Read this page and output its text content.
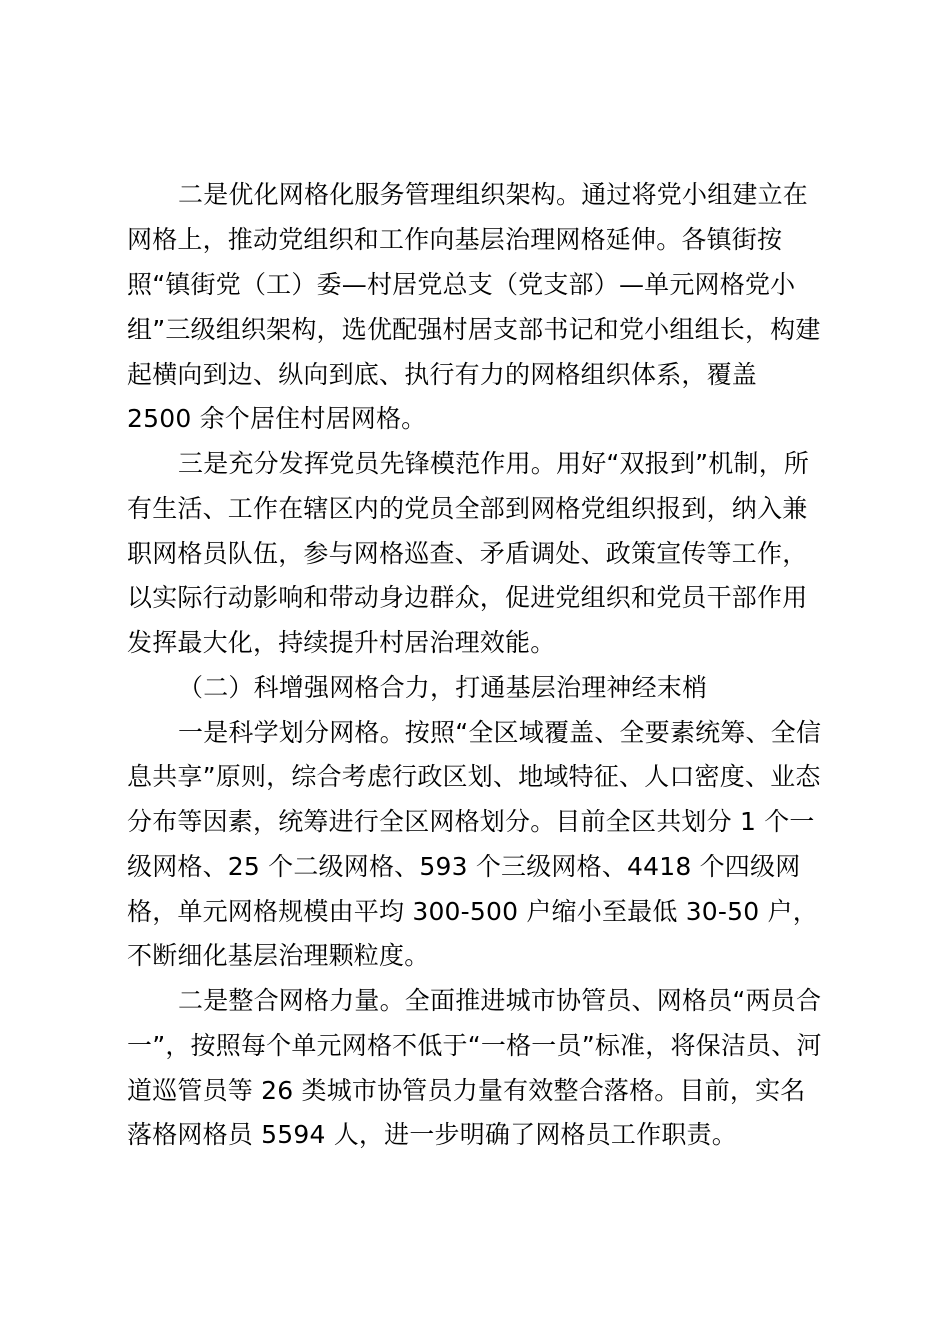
二是优化网格化服务管理组织架构。通过将党小组建立在
网格上，推动党组织和工作向基层治理网格延伸。各镇街按
照“镇街党（工）委—村居党总支（党支部）—单元网格党小
组”三级组织架构，选优配强村居支部书记和党小组组长，构建
起横向到边、纵向到底、执行有力的网格组织体系，覆盖
2500 余个居住村居网格。
三是充分发挥党员先锋模范作用。用好“双报到”机制，所
有生活、工作在辖区内的党员全部到网格党组织报到，纳入兼
职网格员队伍，参与网格巡查、矛盾调处、政策宣传等工作，
以实际行动影响和带动身边群众，促进党组织和党员干部作用
发挥最大化，持续提升村居治理效能。
（二）科增强网格合力，打通基层治理神经末梢
一是科学划分网格。按照“全区域覆盖、全要素统筹、全信
息共享”原则，综合考虑行政区划、地域特征、人口密度、业态
分布等因素，统筹进行全区网格划分。目前全区共划分 1 个一
级网格、25 个二级网格、593 个三级网格、4418 个四级网
格，单元网格规模由平均 300-500 户缩小至最低 30-50 户，
不断细化基层治理颗粒度。
二是整合网格力量。全面推进城市协管员、网格员“两员合
一”，按照每个单元网格不低于“一格一员”标准，将保洁员、河
道巡管员等 26 类城市协管员力量有效整合落格。目前，实名
落格网格员 5594 人，进一步明确了网格员工作职责。
